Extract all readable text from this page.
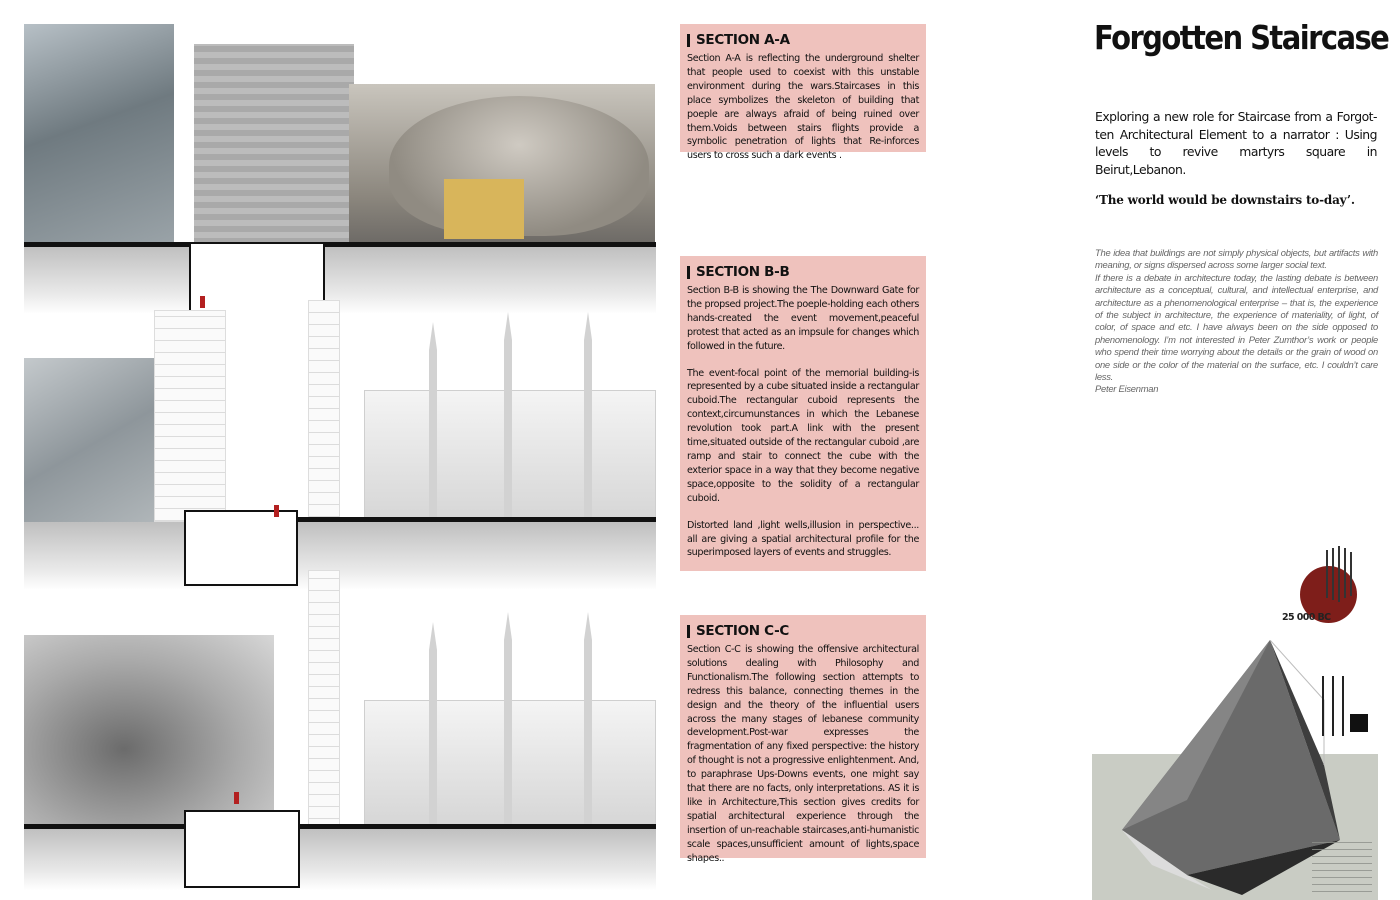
SECTION A-A

Section A-A is reflecting the underground shelter that people used to coexist with this unstable environment during the wars.Staircases in this place symbolizes the skeleton of building that poeple are always afraid of being ruined over them.Voids between stairs flights provide a symbolic penetration of lights that Re-inforces users to cross such a dark events .

SECTION B-B

Section B-B is showing the The Downward Gate for the propsed project.The poeple-holding each others hands-created the event movement,peaceful protest that acted as an impsule for changes which followed in the future.

The event-focal point of the memorial building-is represented by a cube situated inside a rectangular cuboid.The rectangular cuboid represents the context,circumunstances in which the Lebanese revolution took part.A link with the present time,situated outside of the rectangular cuboid ,are ramp and stair to connect the cube with the exterior space in a way that they become negative space,opposite to the solidity of a rectangular cuboid.

Distorted land ,light wells,illusion in perspective... all are giving a spatial architectural profile for the superimposed layers of events and struggles.

SECTION C-C

Section C-C is showing the offensive architectural solutions dealing with Philosophy and Functionalism.The following section attempts to redress this balance, connecting themes in the design and the theory of the influential users across the many stages of lebanese community development.Post-war expresses the fragmentation of any fixed perspective: the history of thought is not a progressive enlightenment. And, to paraphrase Ups-Downs events, one might say that there are no facts, only interpretations. AS it is like in Architecture,This section gives credits for spatial architectural experience through the insertion of un-reachable staircases,anti-humanistic scale spaces,unsufficient amount of lights,space shapes..

Forgotten Staircase
Exploring a new role for Staircase from a Forgot-ten Architectural Element to a narrator : Using levels to revive martyrs square in Beirut,Lebanon.
‘The world would be downstairs to-day’.

The idea that buildings are not simply physical objects, but artifacts with meaning, or signs dispersed across some larger social text.

If there is a debate in architecture today, the lasting debate is between architecture as a conceptual, cultural, and intellectual enterprise, and architecture as a phenomenological enterprise – that is, the experience of the subject in architecture, the experience of materiality, of light, of color, of space and etc. I have always been on the side opposed to phenomenology. I’m not interested in Peter Zumthor’s work or people who spend their time worrying about the details or the grain of wood on one side or the color of the material on the surface, etc. I couldn’t care less.

Peter Eisenman

25 000 BC
